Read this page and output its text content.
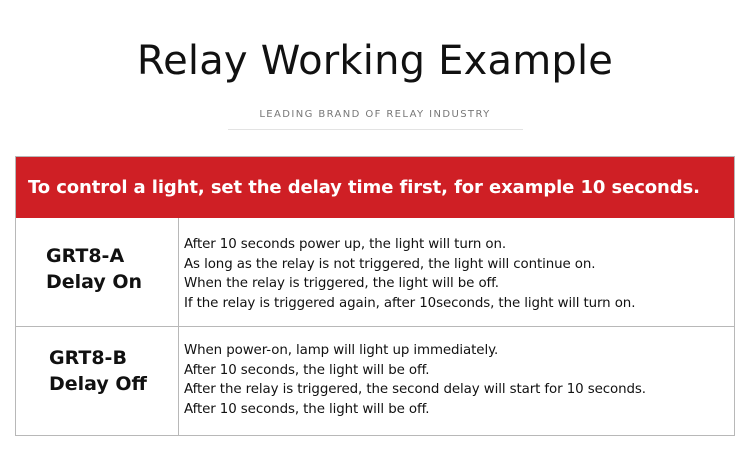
Relay Working Example
LEADING BRAND OF RELAY INDUSTRY
To control a light, set the delay time first, for example 10 seconds.
GRT8-A
Delay On
After 10 seconds power up, the light will turn on.
As long as the relay is not triggered, the light will continue on.
When the relay is triggered, the light will be off.
If the relay is triggered again, after 10seconds, the light will turn on.
GRT8-B
Delay Off
When power-on, lamp will light up immediately.
After 10 seconds, the light will be off.
After the relay is triggered, the second delay will start for 10 seconds.
After 10 seconds, the light will be off.
